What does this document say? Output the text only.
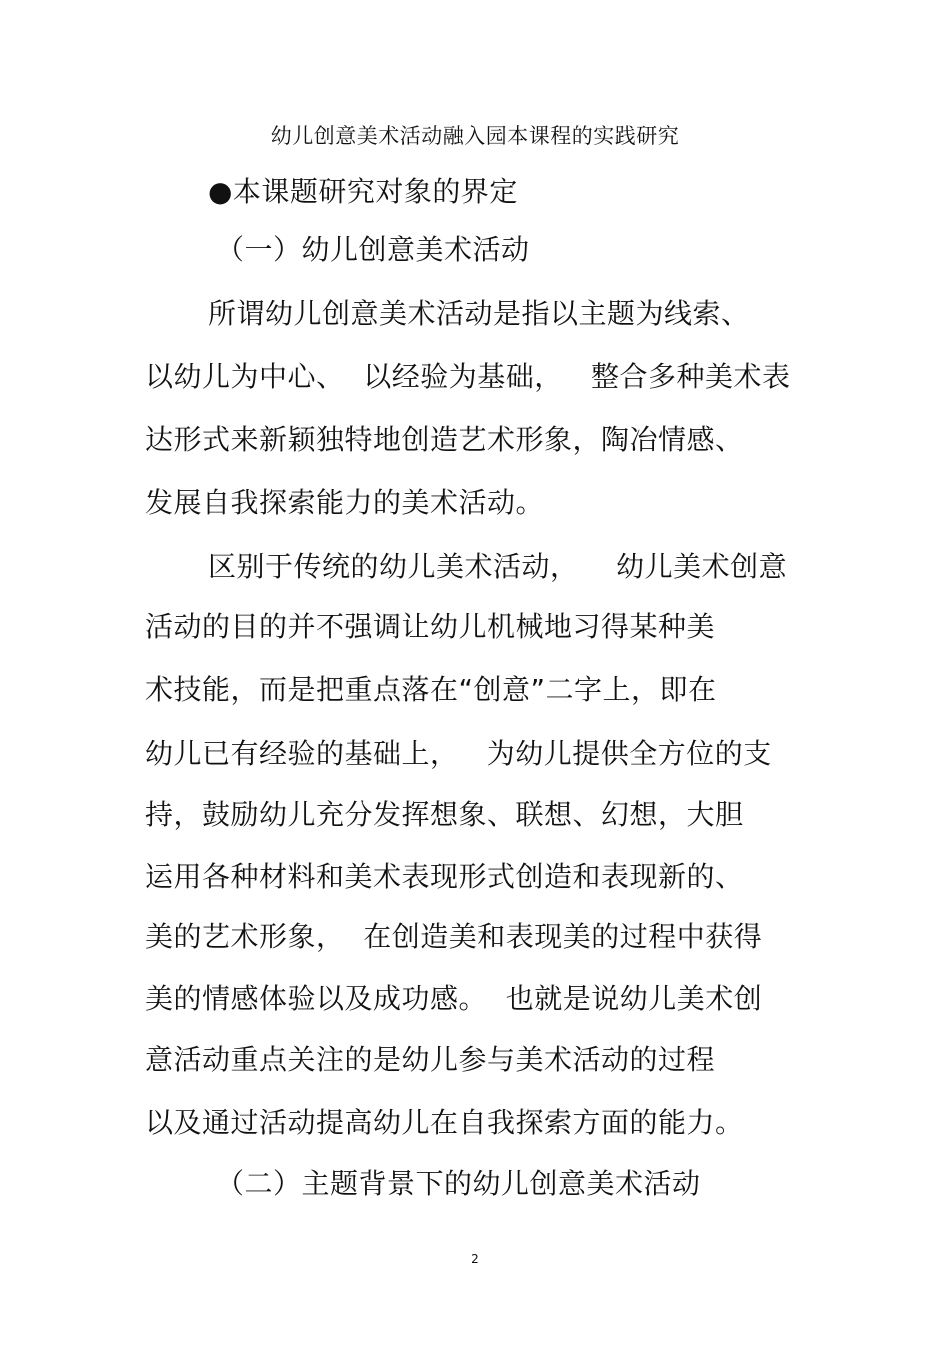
幼儿创意美术活动融入园本课程的实践研究
●本课题研究对象的界定
（一）幼儿创意美术活动
所谓幼儿创意美术活动是指以主题为线索、
以幼儿为中心、  以经验为基础，   整合多种美术表
达形式来新颖独特地创造艺术形象，陶冶情感、
发展自我探索能力的美术活动。
区别于传统的幼儿美术活动，    幼儿美术创意
活动的目的并不强调让幼儿机械地习得某种美
术技能，而是把重点落在“创意”二字上，即在
幼儿已有经验的基础上，   为幼儿提供全方位的支
持，鼓励幼儿充分发挥想象、联想、幻想，大胆
运用各种材料和美术表现形式创造和表现新的、
美的艺术形象，  在创造美和表现美的过程中获得
美的情感体验以及成功感。  也就是说幼儿美术创
意活动重点关注的是幼儿参与美术活动的过程
以及通过活动提高幼儿在自我探索方面的能力。
（二）主题背景下的幼儿创意美术活动
2
